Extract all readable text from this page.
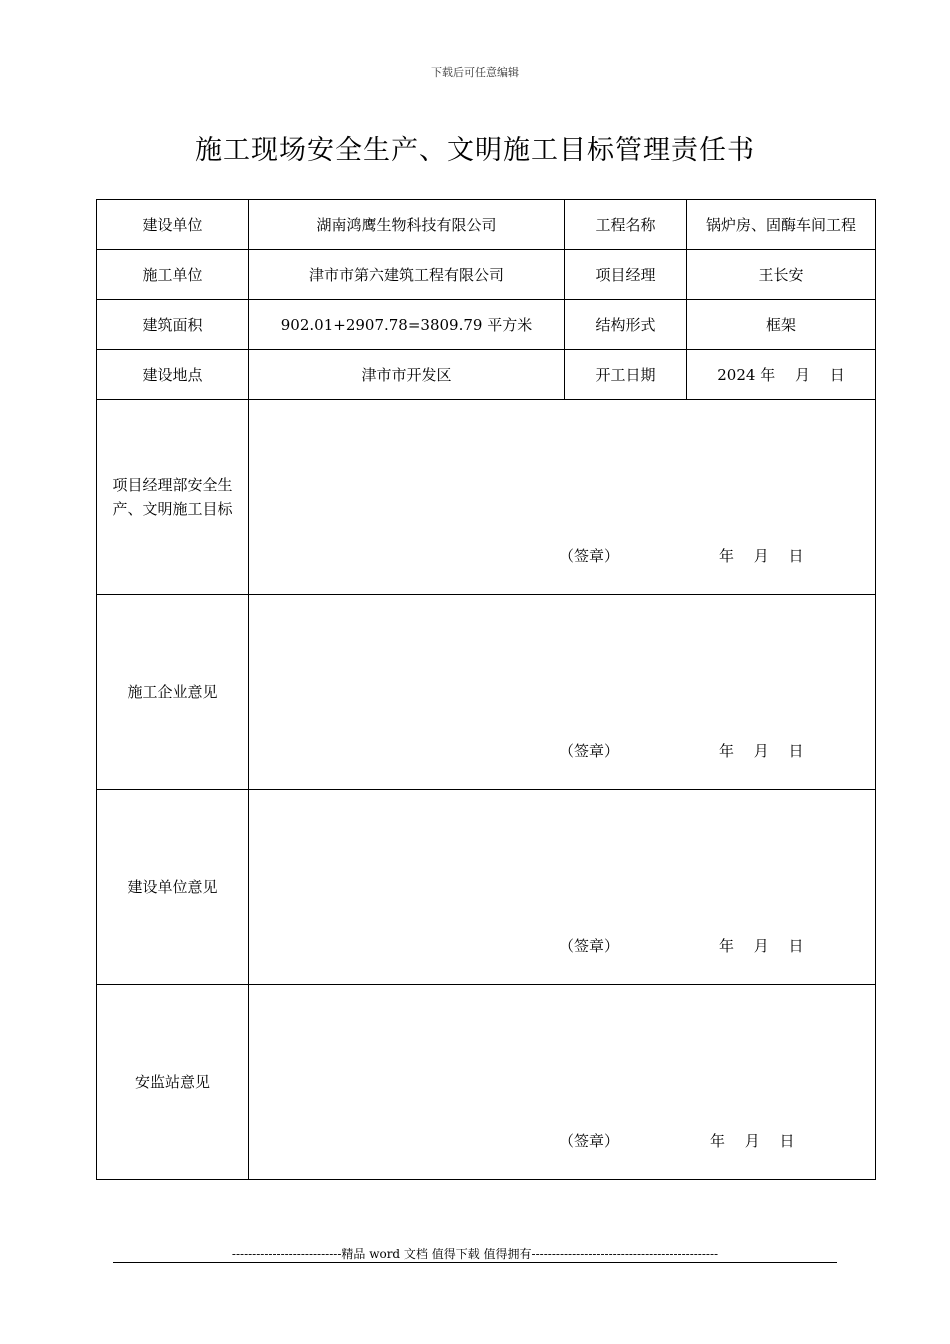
下载后可任意编辑
施工现场安全生产、文明施工目标管理责任书
建设单位	湖南鸿鹰生物科技有限公司	工程名称	锅炉房、固酶车间工程
施工单位	津市市第六建筑工程有限公司	项目经理	王长安
建筑面积	902.01+2907.78=3809.79 平方米	结构形式	框架
建设地点	津市市开发区	开工日期	2024 年　 月　 日
项目经理部安全生产、文明施工目标	（签章） 年　 月　 日		

施工企业意见	（签章） 年　 月　 日		

建设单位意见	（签章） 年　 月　 日		

安监站意见	（签章） 年　 月　 日		
---------------------------精品 word 文档 值得下载 值得拥有----------------------------------------------
